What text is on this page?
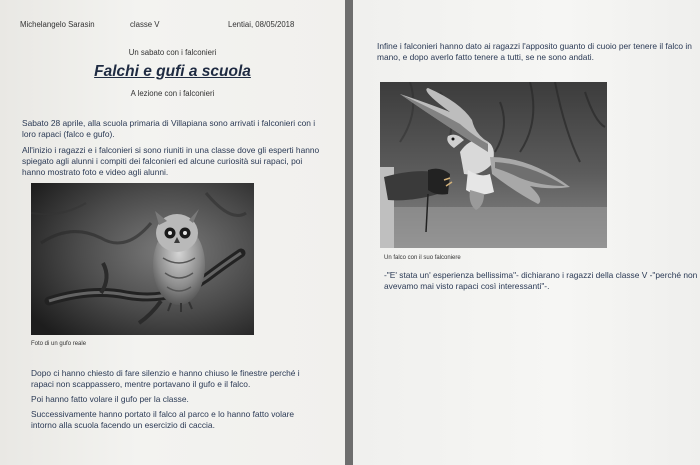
Michelangelo Sarasin	classe V	Lentiai, 08/05/2018
Un sabato con i falconieri
Falchi e gufi a scuola
A lezione con i falconieri

Sabato 28 aprile, alla scuola primaria di Villapiana sono arrivati i falconieri con i loro rapaci (falco e gufo).

All'inizio i ragazzi e i falconieri si sono riuniti in una classe dove gli esperti hanno spiegato agli alunni i compiti dei falconieri ed alcune curiosità sui rapaci, poi hanno mostrato foto e video agli alunni.

Foto di un gufo reale

Dopo ci hanno chiesto di fare silenzio e hanno chiuso le finestre perché i rapaci non scappassero, mentre portavano il gufo e il falco.

Poi hanno fatto volare il gufo per la classe.

Successivamente hanno portato il falco al parco e lo hanno fatto volare intorno alla scuola facendo un esercizio di caccia.

Infine i falconieri hanno dato ai ragazzi l'apposito guanto di cuoio per tenere il falco in mano, e dopo averlo fatto tenere a tutti, se ne sono andati.

Un falco con il suo falconiere

-"E' stata un' esperienza bellissima"- dichiarano i ragazzi della classe V -"perché non avevamo mai visto rapaci così interessanti"-.
